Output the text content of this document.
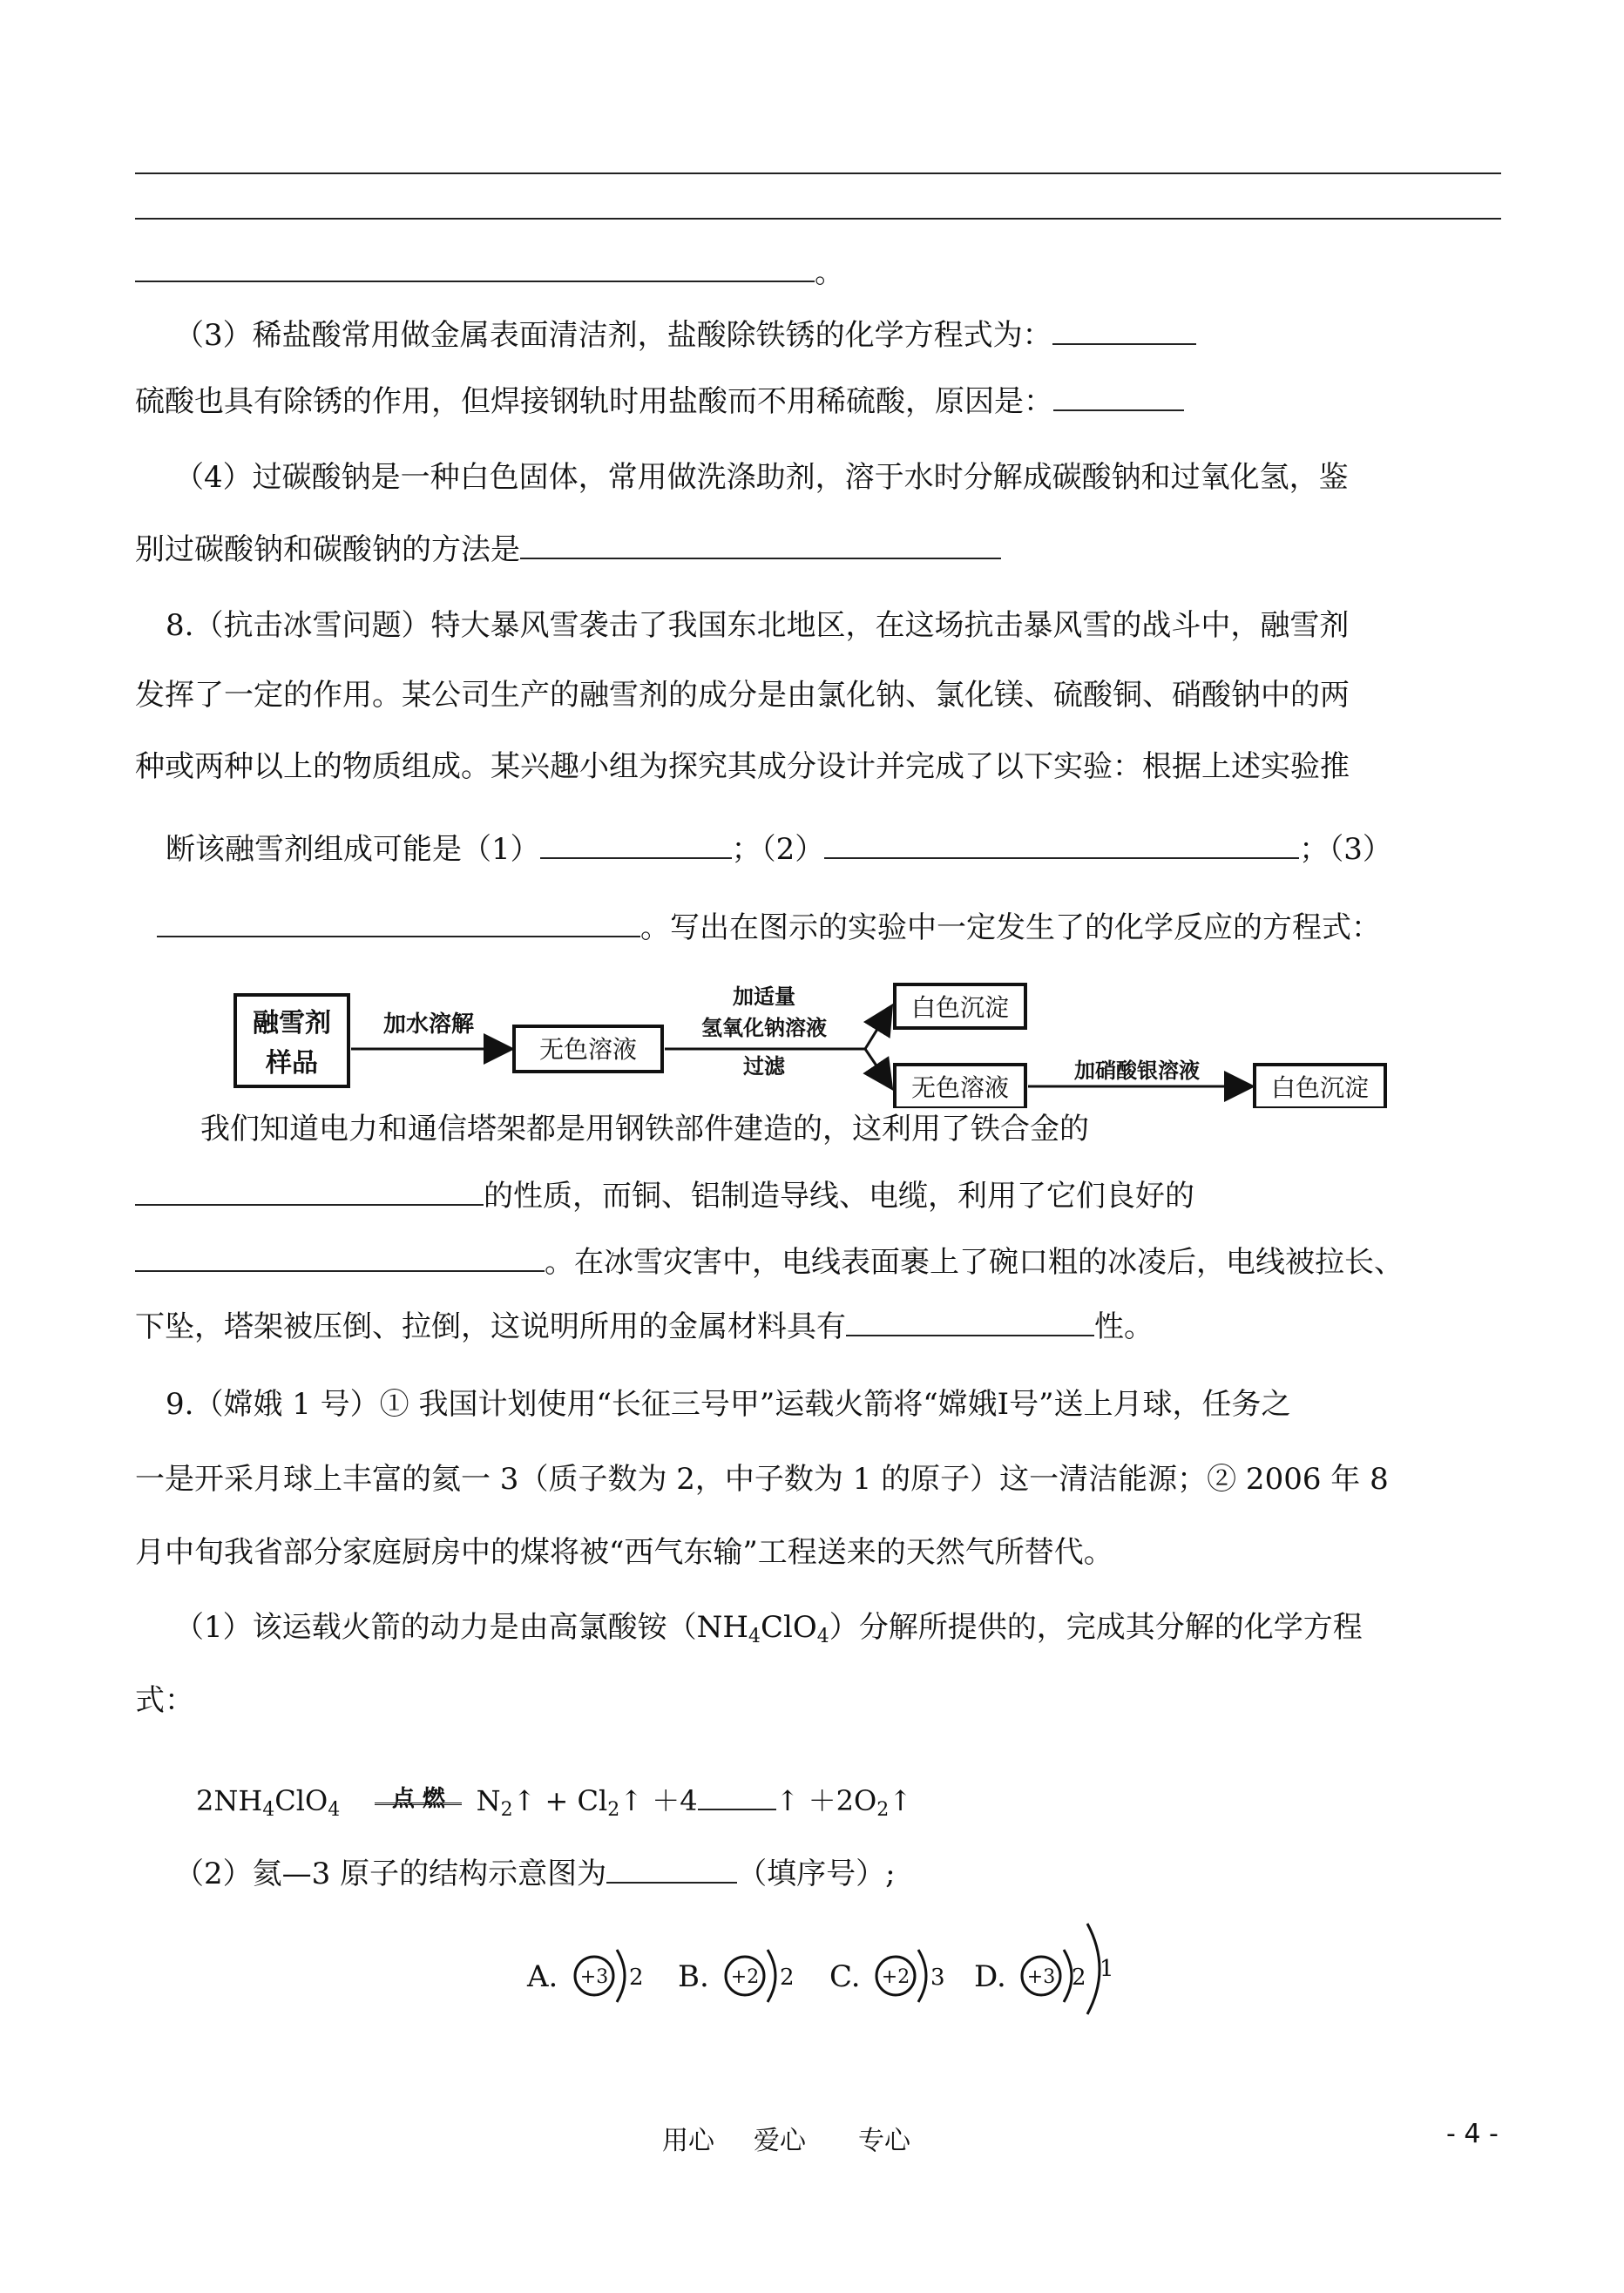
。
（3）稀盐酸常用做金属表面清洁剂，盐酸除铁锈的化学方程式为：
硫酸也具有除锈的作用，但焊接钢轨时用盐酸而不用稀硫酸，原因是：
（4）过碳酸钠是一种白色固体，常用做洗涤助剂，溶于水时分解成碳酸钠和过氧化氢，鉴
别过碳酸钠和碳酸钠的方法是
8.（抗击冰雪问题）特大暴风雪袭击了我国东北地区，在这场抗击暴风雪的战斗中，融雪剂
发挥了一定的作用。某公司生产的融雪剂的成分是由氯化钠、氯化镁、硫酸铜、硝酸钠中的两
种或两种以上的物质组成。某兴趣小组为探究其成分设计并完成了以下实验：根据上述实验推
断该融雪剂组成可能是（1）	；（2）	；（3）
。写出在图示的实验中一定发生了的化学反应的方程式：
融雪剂
样品
加水溶解
无色溶液
加适量
氢氧化钠溶液
过滤
白色沉淀
无色溶液
加硝酸银溶液
白色沉淀
我们知道电力和通信塔架都是用钢铁部件建造的，这利用了铁合金的
的性质，而铜、铝制造导线、电缆，利用了它们良好的
。在冰雪灾害中，电线表面裹上了碗口粗的冰凌后，电线被拉长、
下坠，塔架被压倒、拉倒，这说明所用的金属材料具有	性。
9.（嫦娥 1 号）① 我国计划使用“长征三号甲”运载火箭将“嫦娥Ⅰ号”送上月球，任务之
一是开采月球上丰富的氦一 3（质子数为 2，中子数为 1 的原子）这一清洁能源；② 2006 年 8
月中旬我省部分家庭厨房中的煤将被“西气东输”工程送来的天然气所替代。
（1）该运载火箭的动力是由高氯酸铵$(NH_4ClO_4)$分解所提供的，完成其分解的化学方程
式：
$2NH_4ClO_4$	点 燃	$N_2↑$ + $Cl_2↑ +4$	↑ $+2O_2↑$
（2）氦—3 原子的结构示意图为	（填序号）;
A. +3 2 B. +2 2 C. +2 3 D. +3 2 1
用心 爱心 专心	- 4 -
